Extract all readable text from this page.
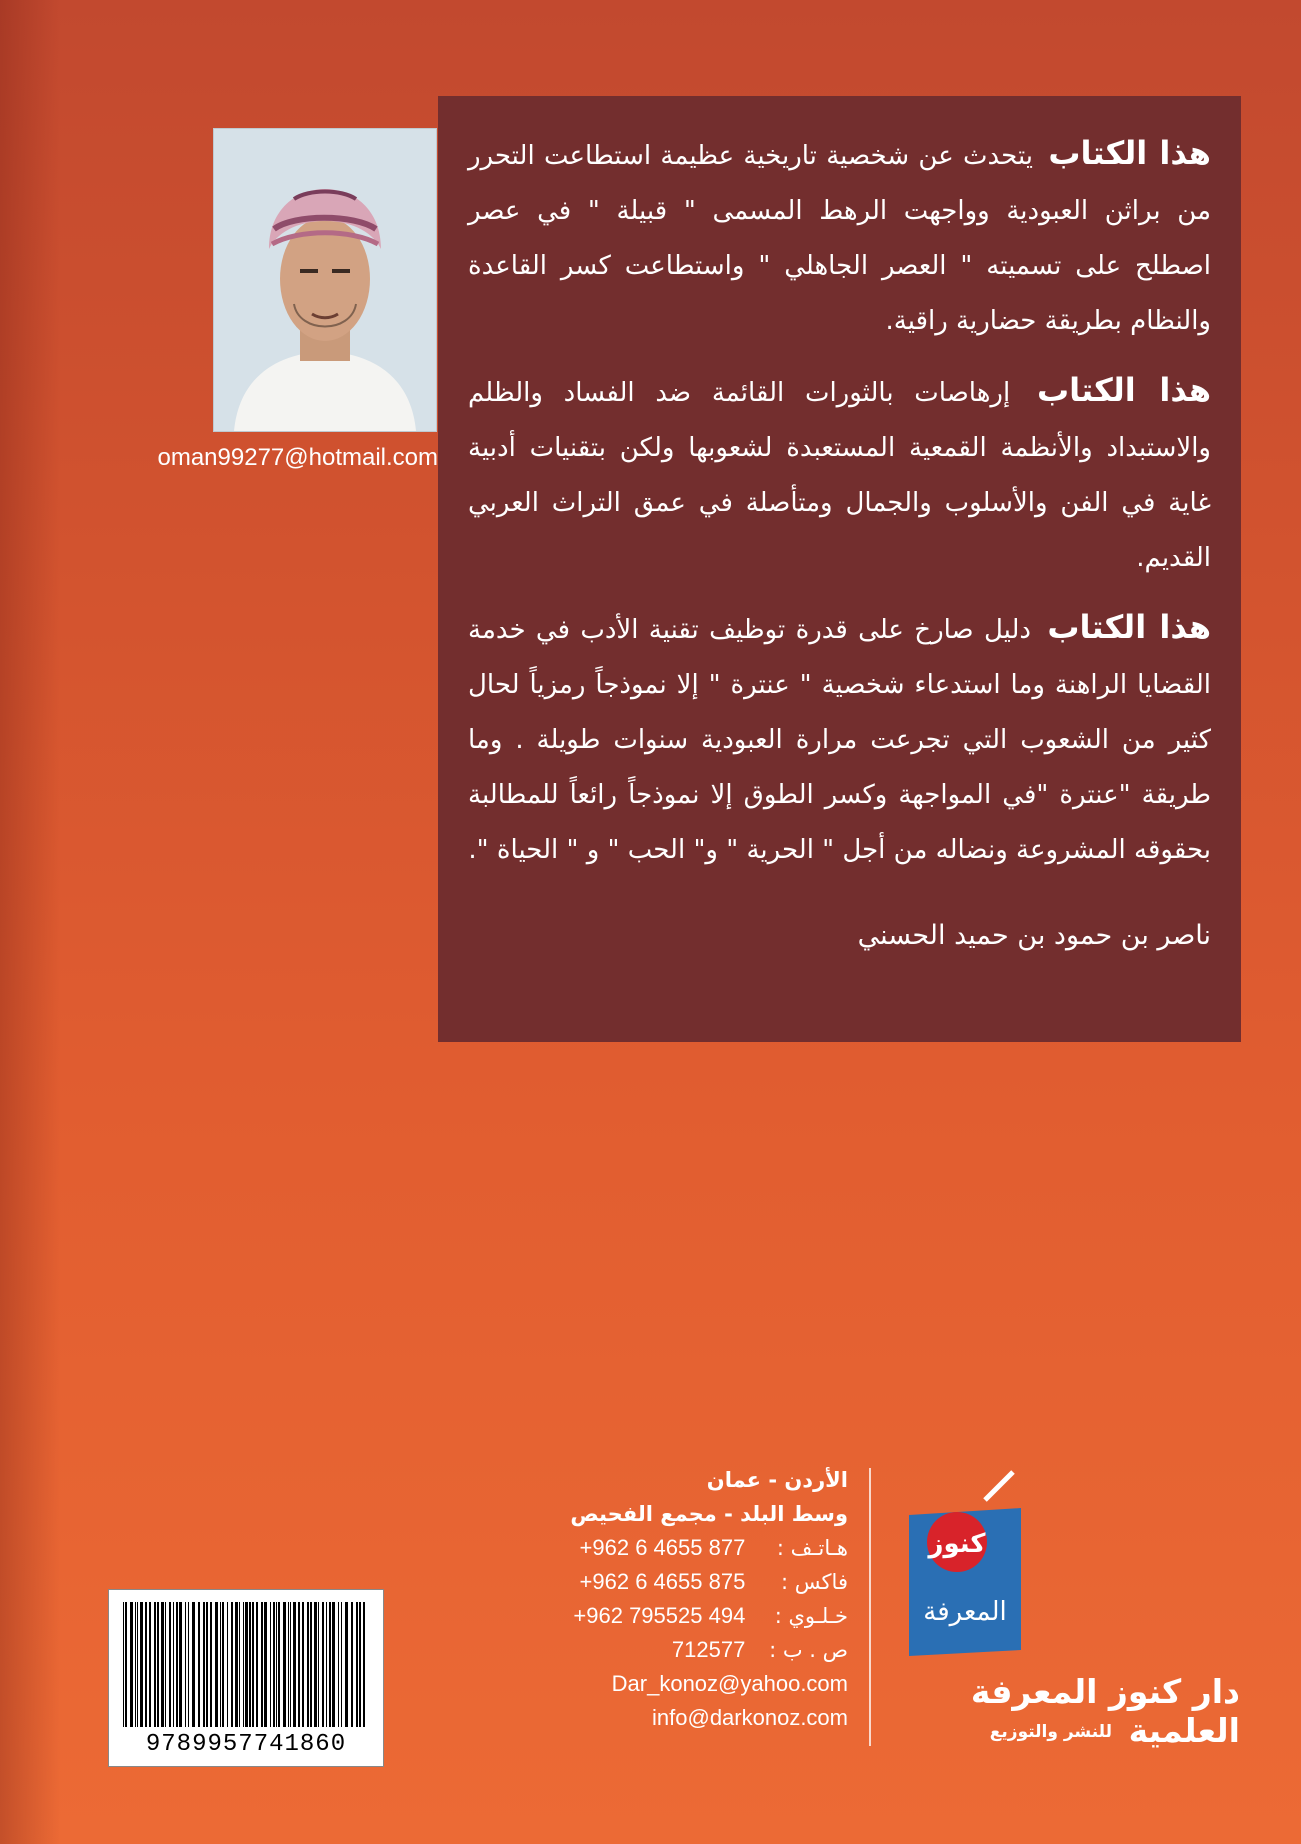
هذا الكتاب يتحدث عن شخصية تاريخية عظيمة استطاعت التحرر من براثن العبودية وواجهت الرهط المسمى " قبيلة " في عصر اصطلح على تسميته " العصر الجاهلي " واستطاعت كسر القاعدة والنظام بطريقة حضارية راقية.

هذا الكتاب إرهاصات بالثورات القائمة ضد الفساد والظلم والاستبداد والأنظمة القمعية المستعبدة لشعوبها ولكن بتقنيات أدبية غاية في الفن والأسلوب والجمال ومتأصلة في عمق التراث العربي القديم.

هذا الكتاب دليل صارخ على قدرة توظيف تقنية الأدب في خدمة القضايا الراهنة وما استدعاء شخصية " عنترة " إلا نموذجاً رمزياً لحال كثير من الشعوب التي تجرعت مرارة العبودية سنوات طويلة . وما طريقة "عنترة "في المواجهة وكسر الطوق إلا نموذجاً رائعاً للمطالبة بحقوقه المشروعة ونضاله من أجل " الحرية " و" الحب " و " الحياة ".

ناصر بن حمود بن حميد الحسني

oman99277@hotmail.com
الأردن - عمان
وسط البلد - مجمع الفحيص
هـاتـف : +962 6 4655 877
فاكس : +962 6 4655 875
خـلـوي : +962 795525 494
ص . ب : 712577
Dar_konoz@yahoo.com
info@darkonoz.com
كنوز
المعرفة
دار كنوز المعرفة العلمية
للنشر والتوزيع
9789957741860
